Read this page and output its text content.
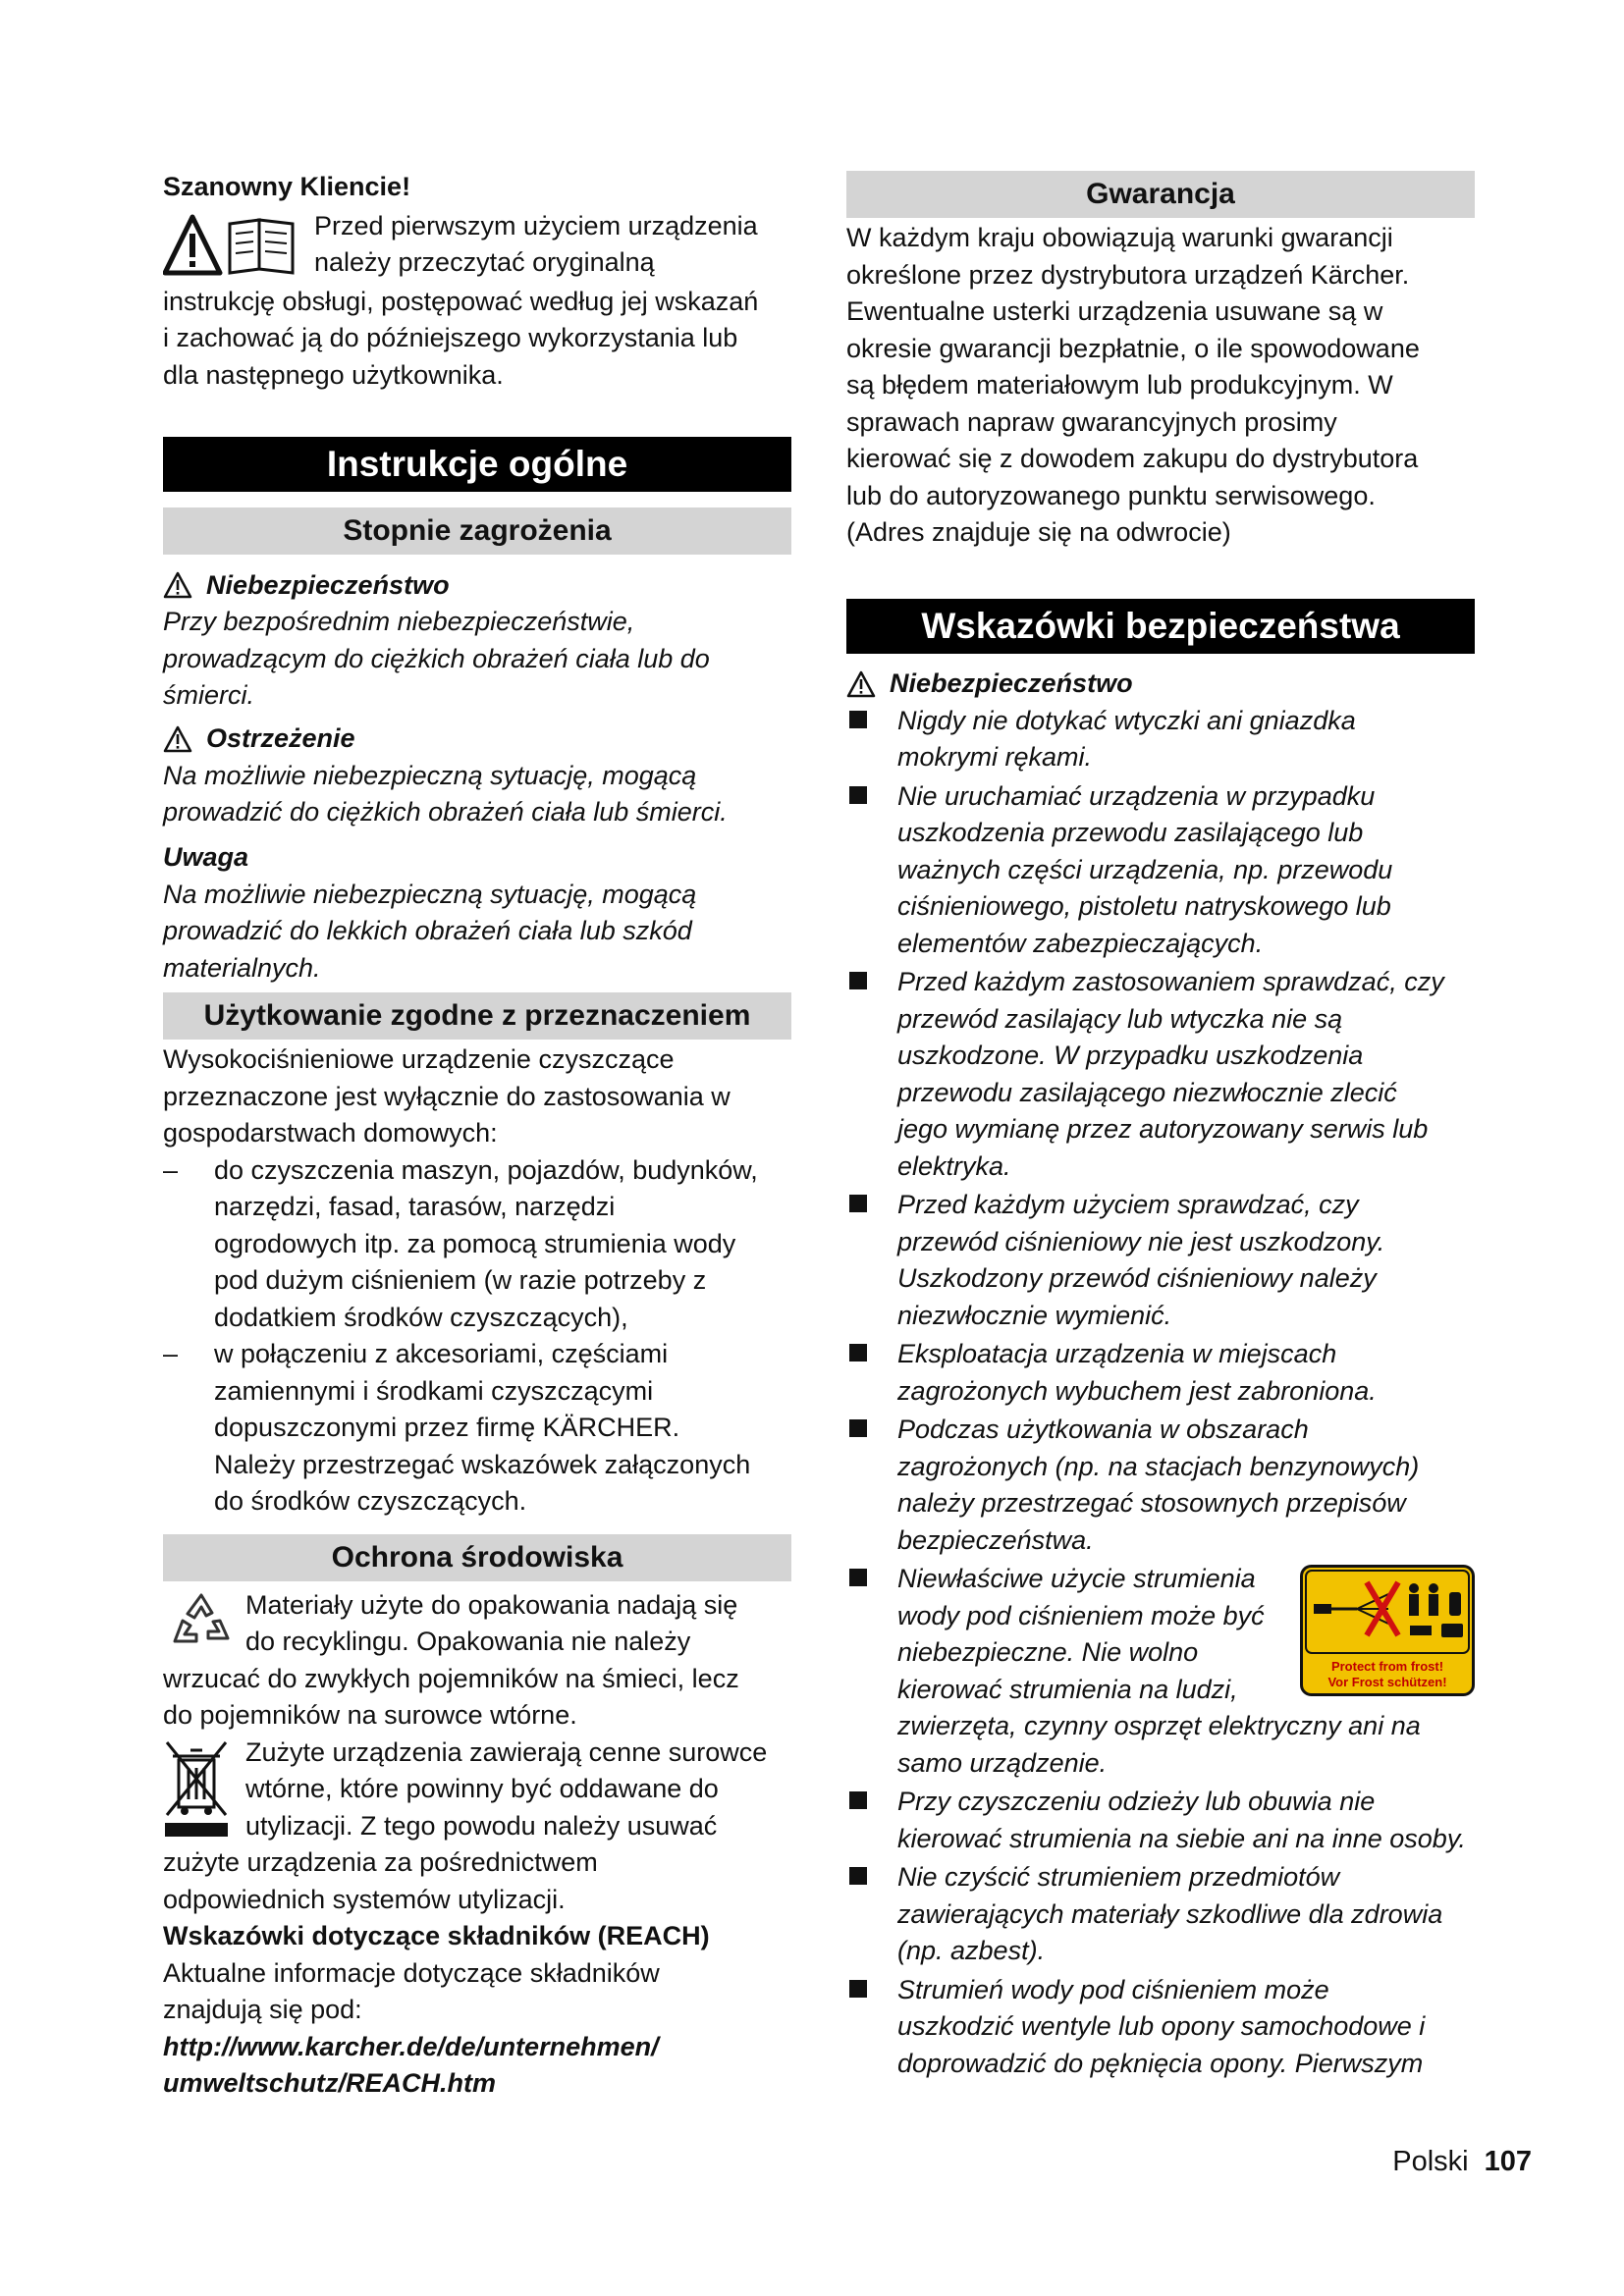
Szanowny Kliencie!

Przed pierwszym użyciem urządzenia

należy przeczytać oryginalną

instrukcję obsługi, postępować według jej wskazań

i zachować ją do późniejszego wykorzystania lub

dla następnego użytkownika.

Instrukcje ogólne
Stopnie zagrożenia
Niebezpieczeństwo

Przy bezpośrednim niebezpieczeństwie,

prowadzącym do ciężkich obrażeń ciała lub do

śmierci.

Ostrzeżenie

Na możliwie niebezpieczną sytuację, mogącą

prowadzić do ciężkich obrażeń ciała lub śmierci.

Uwaga

Na możliwie niebezpieczną sytuację, mogącą

prowadzić do lekkich obrażeń ciała lub szkód

materialnych.

Użytkowanie zgodne z przeznaczeniem

Wysokociśnieniowe urządzenie czyszczące

przeznaczone jest wyłącznie do zastosowania w

gospodarstwach domowych:

–	do czyszczenia maszyn, pojazdów, budynków,

narzędzi, fasad, tarasów, narzędzi

ogrodowych itp. za pomocą strumienia wody

pod dużym ciśnieniem (w razie potrzeby z

dodatkiem środków czyszczących),

–	w połączeniu z akcesoriami, częściami

zamiennymi i środkami czyszczącymi

dopuszczonymi przez firmę KÄRCHER.

Należy przestrzegać wskazówek załączonych

do środków czyszczących.

Ochrona środowiska

Materiały użyte do opakowania nadają się

do recyklingu. Opakowania nie należy

wrzucać do zwykłych pojemników na śmieci, lecz

do pojemników na surowce wtórne.

Zużyte urządzenia zawierają cenne surowce

wtórne, które powinny być oddawane do

utylizacji. Z tego powodu należy usuwać

zużyte urządzenia za pośrednictwem

odpowiednich systemów utylizacji.

Wskazówki dotyczące składników (REACH)

Aktualne informacje dotyczące składników

znajdują się pod:

http://www.karcher.de/de/unternehmen/

umweltschutz/REACH.htm

Gwarancja

W każdym kraju obowiązują warunki gwarancji

określone przez dystrybutora urządzeń Kärcher.

Ewentualne usterki urządzenia usuwane są w

okresie gwarancji bezpłatnie, o ile spowodowane

są błędem materiałowym lub produkcyjnym. W

sprawach napraw gwarancyjnych prosimy

kierować się z dowodem zakupu do dystrybutora

lub do autoryzowanego punktu serwisowego.

(Adres znajduje się na odwrocie)

Wskazówki bezpieczeństwa
Niebezpieczeństwo

Nigdy nie dotykać wtyczki ani gniazdka

mokrymi rękami.

Nie uruchamiać urządzenia w przypadku

uszkodzenia przewodu zasilającego lub

ważnych części urządzenia, np. przewodu

ciśnieniowego, pistoletu natryskowego lub

elementów zabezpieczających.

Przed każdym zastosowaniem sprawdzać, czy

przewód zasilający lub wtyczka nie są

uszkodzone. W przypadku uszkodzenia

przewodu zasilającego niezwłocznie zlecić

jego wymianę przez autoryzowany serwis lub

elektryka.

Przed każdym użyciem sprawdzać, czy

przewód ciśnieniowy nie jest uszkodzony.

Uszkodzony przewód ciśnieniowy należy

niezwłocznie wymienić.

Eksploatacja urządzenia w miejscach

zagrożonych wybuchem jest zabroniona.

Podczas użytkowania w obszarach

zagrożonych (np. na stacjach benzynowych)

należy przestrzegać stosownych przepisów

bezpieczeństwa.

Protect from frost!
Vor Frost schützen!

Niewłaściwe użycie strumienia

wody pod ciśnieniem może być

niebezpieczne. Nie wolno

kierować strumienia na ludzi,

zwierzęta, czynny osprzęt elektryczny ani na

samo urządzenie.

Przy czyszczeniu odzieży lub obuwia nie

kierować strumienia na siebie ani na inne osoby.

Nie czyścić strumieniem przedmiotów

zawierających materiały szkodliwe dla zdrowia

(np. azbest).

Strumień wody pod ciśnieniem może

uszkodzić wentyle lub opony samochodowe i

doprowadzić do pęknięcia opony. Pierwszym

Polski 107
